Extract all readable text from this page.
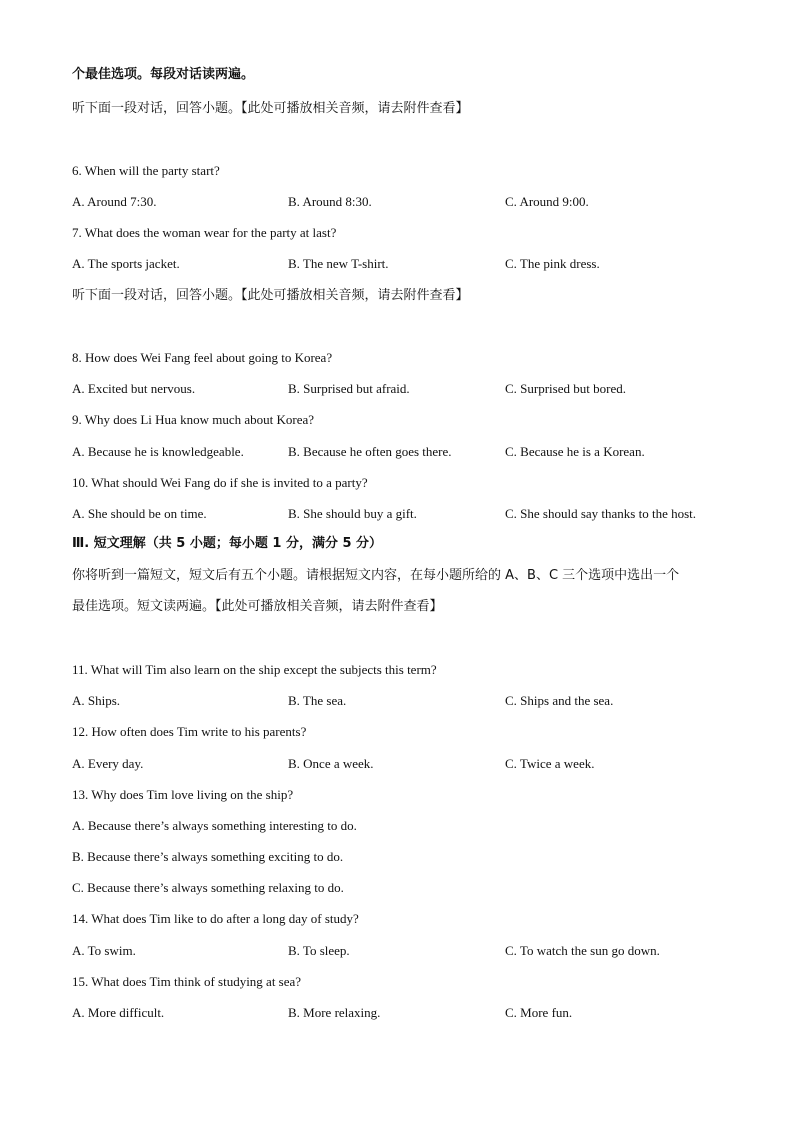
个最佳选项。每段对话读两遍。
听下面一段对话，回答小题。【此处可播放相关音频，请去附件查看】
6. When will the party start?
A. Around 7:30.	B. Around 8:30.	C. Around 9:00.
7. What does the woman wear for the party at last?
A. The sports jacket.	B. The new T-shirt.	C. The pink dress.
听下面一段对话，回答小题。【此处可播放相关音频，请去附件查看】
8. How does Wei Fang feel about going to Korea?
A. Excited but nervous.	B. Surprised but afraid.	C. Surprised but bored.
9. Why does Li Hua know much about Korea?
A. Because he is knowledgeable.	B. Because he often goes there.	C. Because he is a Korean.
10. What should Wei Fang do if she is invited to a party?
A. She should be on time.	B. She should buy a gift.	C. She should say thanks to the host.
Ⅲ. 短文理解（共 5 小题；每小题 1 分，满分 5 分）
你将听到一篇短文，短文后有五个小题。请根据短文内容，在每小题所给的 A、B、C 三个选项中选出一个
最佳选项。短文读两遍。【此处可播放相关音频，请去附件查看】
11. What will Tim also learn on the ship except the subjects this term?
A. Ships.	B. The sea.	C. Ships and the sea.
12. How often does Tim write to his parents?
A. Every day.	B. Once a week.	C. Twice a week.
13. Why does Tim love living on the ship?
A. Because there’s always something interesting to do.
B. Because there’s always something exciting to do.
C. Because there’s always something relaxing to do.
14. What does Tim like to do after a long day of study?
A. To swim.	B. To sleep.	C. To watch the sun go down.
15. What does Tim think of studying at sea?
A. More difficult.	B. More relaxing.	C. More fun.
